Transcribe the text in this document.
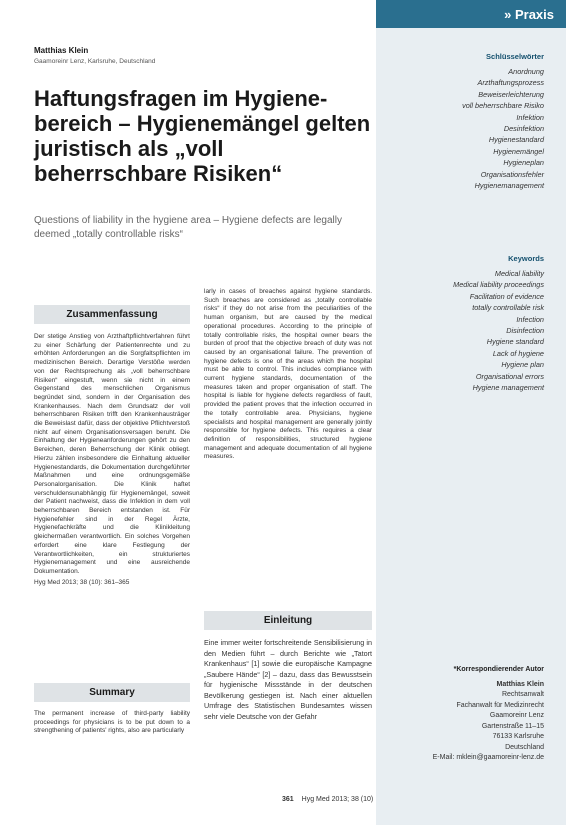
» Praxis
Matthias Klein
Gaamoreinr Lenz, Karlsruhe, Deutschland
Haftungsfragen im Hygienebereich – Hygienemängel gelten juristisch als „voll beherrschbare Risiken“
Questions of liability in the hygiene area – Hygiene defects are legally deemed „totally controllable risks“
Zusammenfassung

Der stetige Anstieg von Arzthaftpflichtverfahren führt zu einer Schärfung der Patientenrechte und zu erhöhten Anforderungen an die Sorgfaltspflichten im medizinischen Bereich. Derartige Verstöße werden von der Rechtsprechung als „voll beherrschbare Risiken“ eingestuft, wenn sie nicht in einem Gegenstand des menschlichen Organismus begründet sind, sondern in der Organisation des Krankenhauses. Nach dem Grundsatz der voll beherrschbaren Risiken trifft den Krankenhausträger die Beweislast dafür, dass der objektive Pflichtverstoß nicht auf einem Organisationsversagen beruht. Die Einhaltung der Hygieneanforderungen gehört zu den Bereichen, deren Beherrschung der Klinik obliegt. Hierzu zählen insbesondere die Einhaltung aktueller Hygienestandards, die Dokumentation durchgeführter Maßnahmen und eine ordnungsgemäße Personalorganisation. Die Klinik haftet verschuldensunabhängig für Hygienemängel, soweit der Patient nachweist, dass die Infektion in dem voll beherrschbaren Bereich entstanden ist. Für Hygienefehler sind in der Regel Ärzte, Hygienefachkräfte und die Klinikleitung gleichermaßen verantwortlich. Ein solches Vorgehen erfordert eine klare Festlegung der Verantwortlichkeiten, ein strukturiertes Hygienemanagement und eine ausreichende Dokumentation.

Hyg Med 2013; 38 (10): 361–365
Summary
The permanent increase of third-party liability proceedings for physicians is to be put down to a strengthening of patients' rights, also are particularly
larly in cases of breaches against hygiene standards. Such breaches are considered as „totally controllable risks“ if they do not arise from the peculiarities of the human organism, but are caused by the medical operational procedures. According to the principle of totally controllable risks, the hospital owner bears the burden of proof that the objective breach of duty was not caused by an organisational failure. The prevention of hygiene defects is one of the areas which the hospital must be able to control. This includes compliance with current hygiene standards, documentation of the measures taken and proper organisation of staff. The hospital is liable for hygiene defects regardless of fault, provided the patient proves that the infection occurred in the totally controllable area. Physicians, hygiene specialists and hospital management are generally jointly responsible for hygiene defects. This requires a clear definition of responsibilities, structured hygiene management and adequate documentation of all hygiene measures.
Einleitung
Eine immer weiter fortschreitende Sensibilisierung in den Medien führt – durch Berichte wie „Tatort Krankenhaus“ [1] sowie die europäische Kampagne „Saubere Hände“ [2] – dazu, dass das Bewusstsein für hygienische Missstände in der deutschen Bevölkerung gestiegen ist. Nach einer aktuellen Umfrage des Statistischen Bundesamtes wissen sehr viele Deutsche von der Gefahr
Schlüsselwörter
Anordnung
Arzthaftungsprozess
Beweiserleichterung
voll beherrschbare Risiko
Infektion
Desinfektion
Hygienestandard
Hygienemängel
Hygieneplan
Organisationsfehler
Hygienemanagement
Keywords
Medical liability
Medical liability proceedings
Facilitation of evidence
totally controllable risk
Infection
Disinfection
Hygiene standard
Lack of hygiene
Hygiene plan
Organisational errors
Hygiene management
*Korrespondierender Autor
Matthias Klein
Rechtsanwalt
Fachanwalt für Medizinrecht
Gaamoreinr Lenz
Gartenstraße 11–15
76133 Karlsruhe
Deutschland
E-Mail: mklein@gaamoreinr-lenz.de
361 Hyg Med 2013; 38 (10)
